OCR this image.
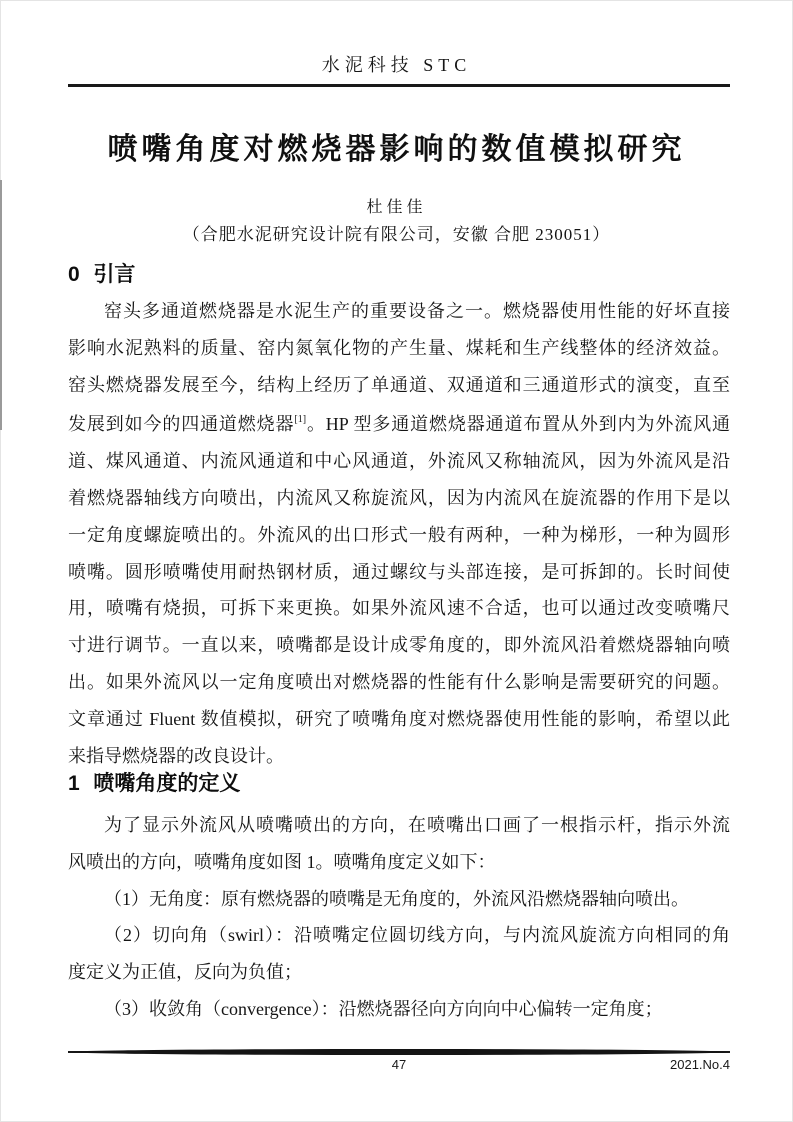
水泥科技 STC
喷嘴角度对燃烧器影响的数值模拟研究
杜佳佳
（合肥水泥研究设计院有限公司，安徽 合肥 230051）
0 引言
窑头多通道燃烧器是水泥生产的重要设备之一。燃烧器使用性能的好坏直接
影响水泥熟料的质量、窑内氮氧化物的产生量、煤耗和生产线整体的经济效益。
窑头燃烧器发展至今，结构上经历了单通道、双通道和三通道形式的演变，直至
发展到如今的四通道燃烧器[1]。HP 型多通道燃烧器通道布置从外到内为外流风通
道、煤风通道、内流风通道和中心风通道，外流风又称轴流风，因为外流风是沿
着燃烧器轴线方向喷出，内流风又称旋流风，因为内流风在旋流器的作用下是以
一定角度螺旋喷出的。外流风的出口形式一般有两种，一种为梯形，一种为圆形
喷嘴。圆形喷嘴使用耐热钢材质，通过螺纹与头部连接，是可拆卸的。长时间使
用，喷嘴有烧损，可拆下来更换。如果外流风速不合适，也可以通过改变喷嘴尺
寸进行调节。一直以来，喷嘴都是设计成零角度的，即外流风沿着燃烧器轴向喷
出。如果外流风以一定角度喷出对燃烧器的性能有什么影响是需要研究的问题。
文章通过 Fluent 数值模拟，研究了喷嘴角度对燃烧器使用性能的影响，希望以此
来指导燃烧器的改良设计。
1 喷嘴角度的定义
为了显示外流风从喷嘴喷出的方向，在喷嘴出口画了一根指示杆，指示外流
风喷出的方向，喷嘴角度如图 1。喷嘴角度定义如下：
（1）无角度：原有燃烧器的喷嘴是无角度的，外流风沿燃烧器轴向喷出。
（2）切向角（swirl）：沿喷嘴定位圆切线方向，与内流风旋流方向相同的角
度定义为正值，反向为负值；
（3）收敛角（convergence）：沿燃烧器径向方向向中心偏转一定角度；
47	2021.No.4
